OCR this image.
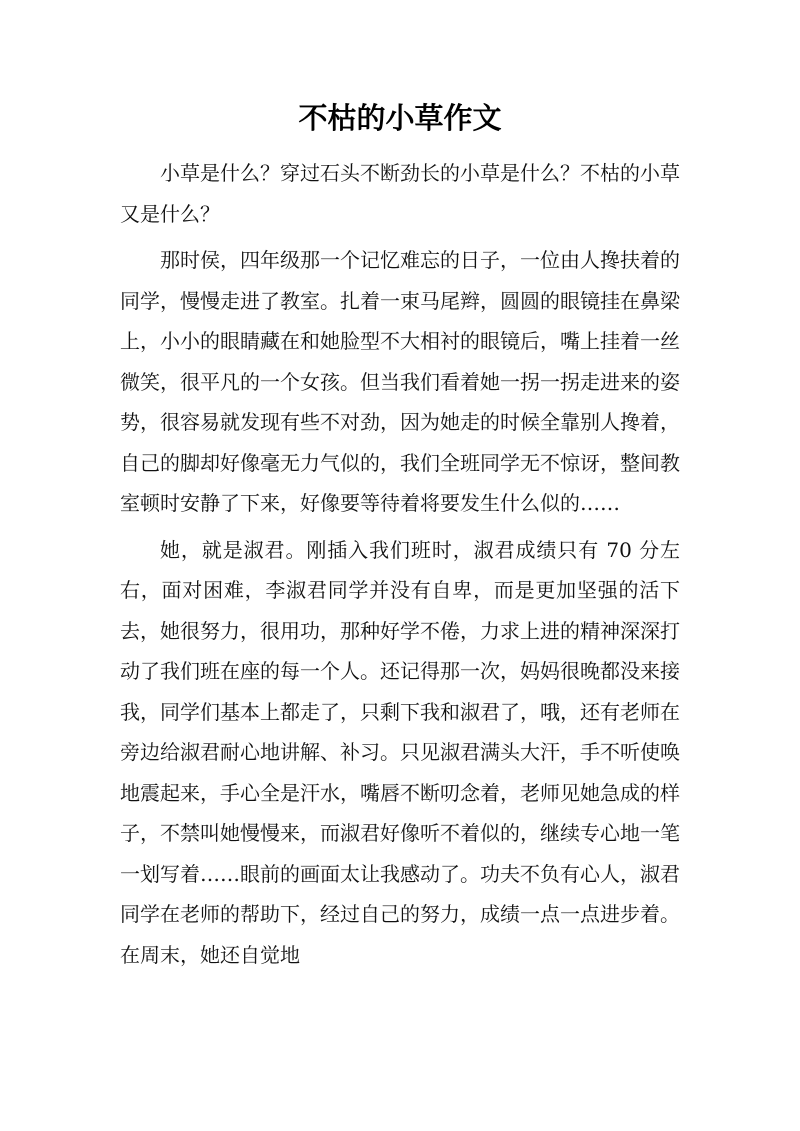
不枯的小草作文

小草是什么？穿过石头不断劲长的小草是什么？不枯的小草又是什么？

那时侯，四年级那一个记忆难忘的日子，一位由人搀扶着的同学，慢慢走进了教室。扎着一束马尾辫，圆圆的眼镜挂在鼻梁上，小小的眼睛藏在和她脸型不大相衬的眼镜后，嘴上挂着一丝微笑，很平凡的一个女孩。但当我们看着她一拐一拐走进来的姿势，很容易就发现有些不对劲，因为她走的时候全靠别人搀着，自己的脚却好像毫无力气似的，我们全班同学无不惊讶，整间教室顿时安静了下来，好像要等待着将要发生什么似的……

她，就是淑君。刚插入我们班时，淑君成绩只有 70 分左右，面对困难，李淑君同学并没有自卑，而是更加坚强的活下去，她很努力，很用功，那种好学不倦，力求上进的精神深深打动了我们班在座的每一个人。还记得那一次，妈妈很晚都没来接我，同学们基本上都走了，只剩下我和淑君了，哦，还有老师在旁边给淑君耐心地讲解、补习。只见淑君满头大汗，手不听使唤地震起来，手心全是汗水，嘴唇不断叨念着，老师见她急成的样子，不禁叫她慢慢来，而淑君好像听不着似的，继续专心地一笔一划写着……眼前的画面太让我感动了。功夫不负有心人，淑君同学在老师的帮助下，经过自己的努力，成绩一点一点进步着。在周末，她还自觉地
